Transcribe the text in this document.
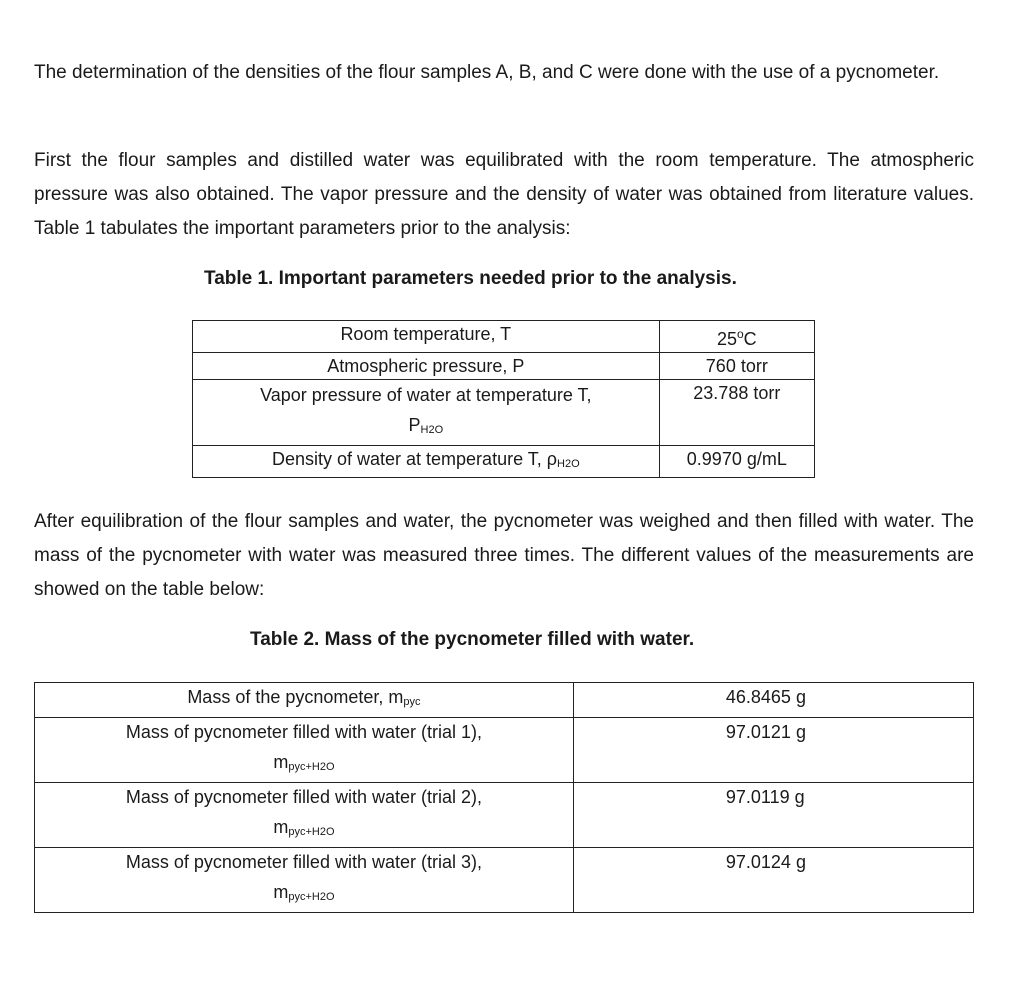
The determination of the densities of the flour samples A, B, and C were done with the use of a pycnometer.

First the flour samples and distilled water was equilibrated with the room temperature. The atmospheric pressure was also obtained. The vapor pressure and the density of water was obtained from literature values. Table 1 tabulates the important parameters prior to the analysis:

Table 1. Important parameters needed prior to the analysis.

Room temperature, T	25$^o$C
Atmospheric pressure, P	760 torr
Vapor pressure of water at temperature T,
PH2O	23.788 torr
Density of water at temperature T, ρH2O	0.9970 g/mL

After equilibration of the flour samples and water, the pycnometer was weighed and then filled with water. The mass of the pycnometer with water was measured three times. The different values of the measurements are showed on the table below:

Table 2. Mass of the pycnometer filled with water.

Mass of the pycnometer, mpyc	46.8465 g
Mass of pycnometer filled with water (trial 1),
mpyc+H2O	97.0121 g
Mass of pycnometer filled with water (trial 2),
mpyc+H2O	97.0119 g
Mass of pycnometer filled with water (trial 3),
mpyc+H2O	97.0124 g
